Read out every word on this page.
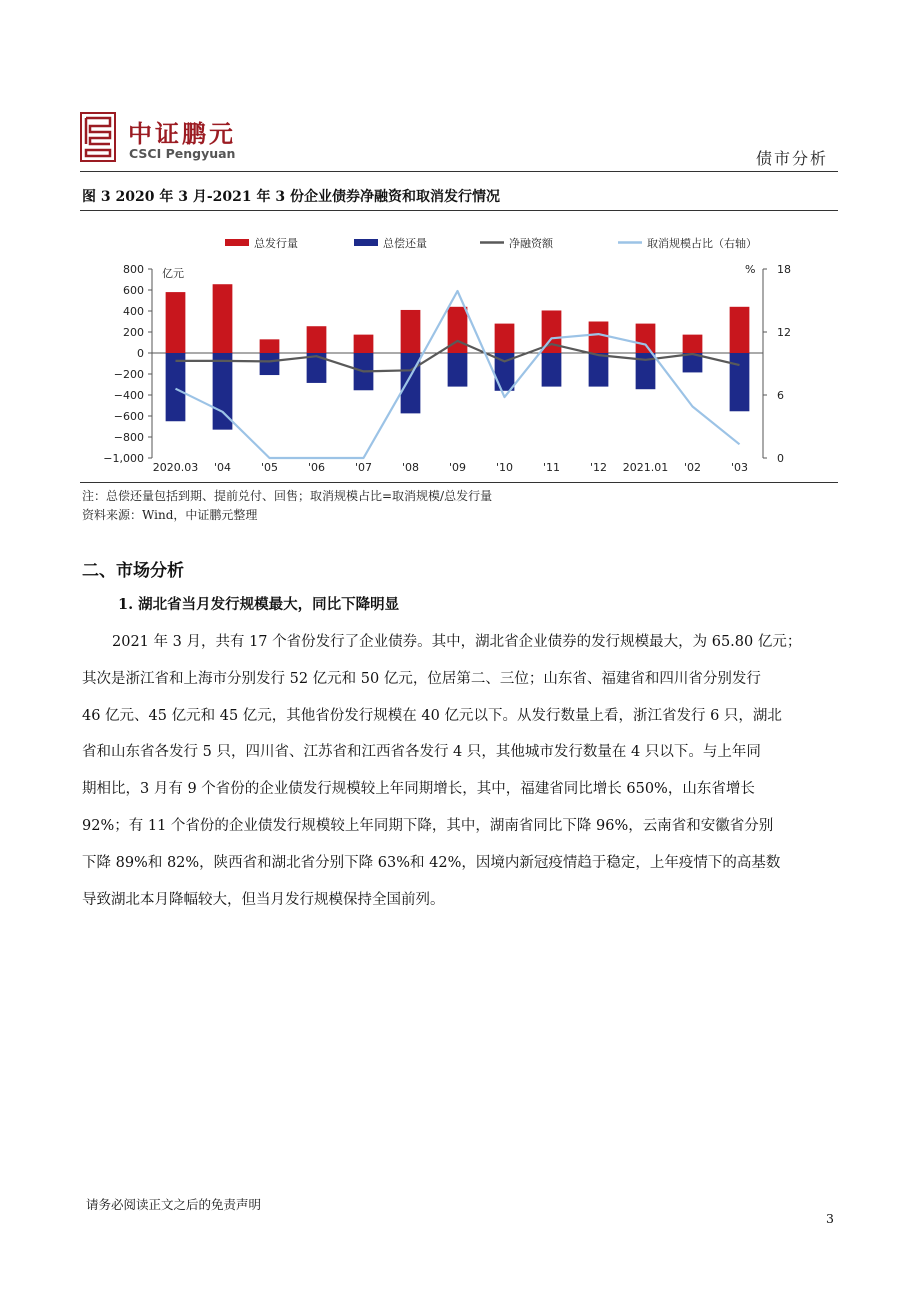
中证鹏元
CSCI Pengyuan	债市分析
图 3 2020 年 3 月-2021 年 3 份企业债券净融资和取消发行情况
总发行量	总偿还量	净融资额	取消规模占比（右轴）
800
600
400
200
0
−200
−400
−600
−800
−1,000
亿元	18
12
6
0
%
2020.03 '04	'05	'06	'07	'08	'09	'10	'11	'12 2021.01 '02	'03
注：总偿还量包括到期、提前兑付、回售；取消规模占比=取消规模/总发行量
资料来源：Wind，中证鹏元整理
二、市场分析
1. 湖北省当月发行规模最大，同比下降明显
2021 年 3 月，共有 17 个省份发行了企业债券。其中，湖北省企业债券的发行规模最大，为 65.80 亿元；
其次是浙江省和上海市分别发行 52 亿元和 50 亿元，位居第二、三位；山东省、福建省和四川省分别发行
46 亿元、45 亿元和 45 亿元，其他省份发行规模在 40 亿元以下。从发行数量上看，浙江省发行 6 只，湖北
省和山东省各发行 5 只，四川省、江苏省和江西省各发行 4 只，其他城市发行数量在 4 只以下。与上年同
期相比，3 月有 9 个省份的企业债发行规模较上年同期增长，其中，福建省同比增长 650%，山东省增长
92%；有 11 个省份的企业债发行规模较上年同期下降，其中，湖南省同比下降 96%，云南省和安徽省分别
下降 89%和 82%，陕西省和湖北省分别下降 63%和 42%，因境内新冠疫情趋于稳定，上年疫情下的高基数
导致湖北本月降幅较大，但当月发行规模保持全国前列。
请务必阅读正文之后的免责声明
3
